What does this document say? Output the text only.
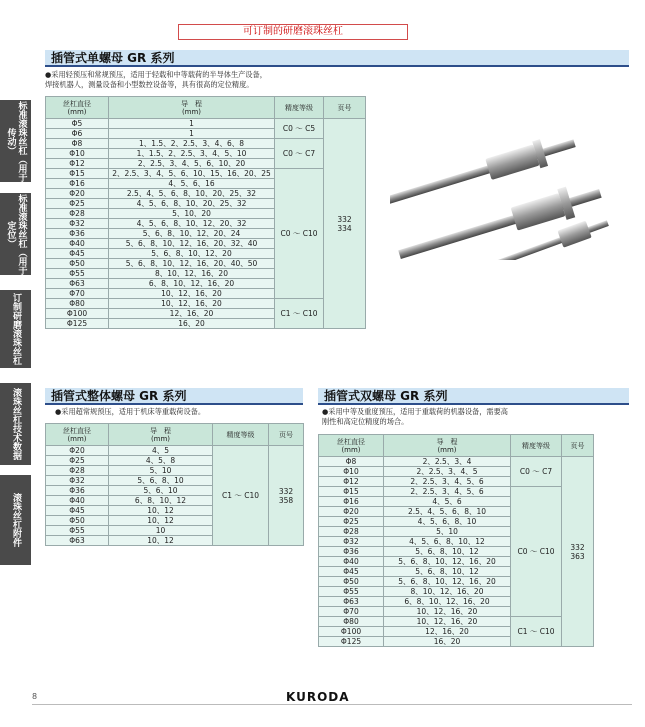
可订制的研磨滚珠丝杠
标准滚珠丝杠（用于传动）
标准滚珠丝杠（用于定位）
订制研磨滚珠丝杠
滚珠丝杠技术数据
滚珠丝杠附件
插管式单螺母 GR 系列
●采用轻预压和常规预压，适用于轻载和中等载荷的半导体生产设备，
焊接机器人，测量设备和小型数控设备等，具有很高的定位精度。
丝杠直径
(mm)	导　程
(mm)	精度等级	页号
Φ5	1	C0 ～ C5	332
334
Φ6	1		
Φ8	1、1.5、2、2.5、3、4、6、8	C0 ～ C7	
Φ10	1、1.5、2、2.5、3、4、5、10		
Φ12	2、2.5、3、4、5、6、10、20		
Φ15	2、2.5、3、4、5、6、10、15、16、20、25	C0 ～ C10	
Φ16	4、5、6、16		
Φ20	2.5、4、5、6、8、10、20、25、32		
Φ25	4、5、6、8、10、20、25、32		
Φ28	5、10、20		
Φ32	4、5、6、8、10、12、20、32		
Φ36	5、6、8、10、12、20、24		
Φ40	5、6、8、10、12、16、20、32、40		
Φ45	5、6、8、10、12、20		
Φ50	5、6、8、10、12、16、20、40、50		
Φ55	8、10、12、16、20		
Φ63	6、8、10、12、16、20		
Φ70	10、12、16、20		
Φ80	10、12、16、20	C1 ～ C10	
Φ100	12、16、20		
Φ125	16、20		
插管式整体螺母 GR 系列
●采用超常规预压，适用于机床等重载荷设备。
丝杠直径
(mm)	导　程
(mm)	精度等级	页号
Φ20	4、5	C1 ～ C10	332
358
Φ25	4、5、8		
Φ28	5、10		
Φ32	5、6、8、10		
Φ36	5、6、10		
Φ40	6、8、10、12		
Φ45	10、12		
Φ50	10、12		
Φ55	10		
Φ63	10、12		
插管式双螺母 GR 系列
●采用中等及重度预压，适用于重载荷的机器设备，需要高
刚性和高定位精度的场合。
丝杠直径
(mm)	导　程
(mm)	精度等级	页号
Φ8	2、2.5、3、4	C0 ～ C7	332
363
Φ10	2、2.5、3、4、5		
Φ12	2、2.5、3、4、5、6		
Φ15	2、2.5、3、4、5、6	C0 ～ C10	
Φ16	4、5、6		
Φ20	2.5、4、5、6、8、10		
Φ25	4、5、6、8、10		
Φ28	5、10		
Φ32	4、5、6、8、10、12		
Φ36	5、6、8、10、12		
Φ40	5、6、8、10、12、16、20		
Φ45	5、6、8、10、12		
Φ50	5、6、8、10、12、16、20		
Φ55	8、10、12、16、20		
Φ63	6、8、10、12、16、20		
Φ70	10、12、16、20		
Φ80	10、12、16、20	C1 ～ C10	
Φ100	12、16、20		
Φ125	16、20		
8	KURODA
